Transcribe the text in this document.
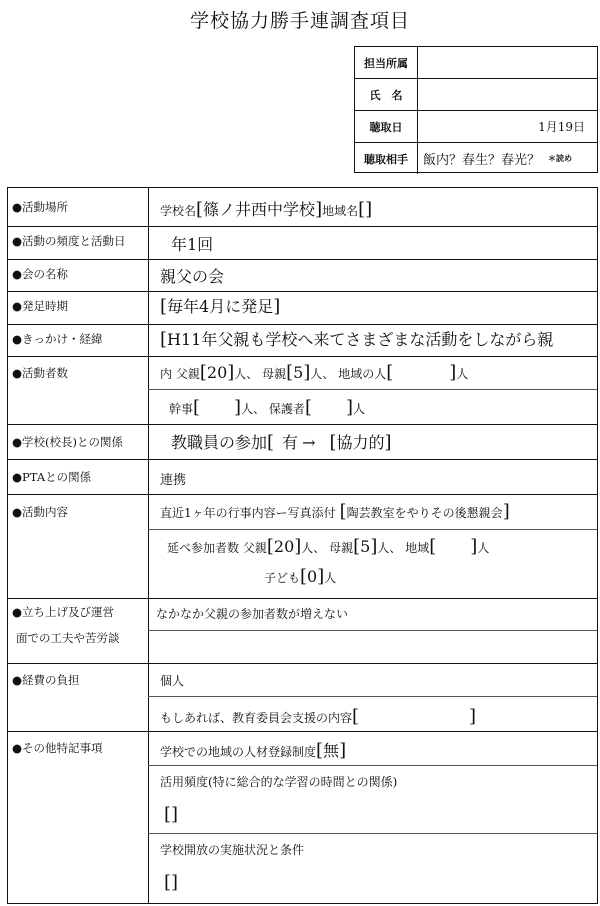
学校協力勝手連調査項目
担当所属
氏　名
聴取日	1月19日
聴取相手	飯内？春生？春光？ ＊読め
●活動場所	学校名[篠ノ井西中学校]地域名[]
●活動の頻度と活動日	年1回
●会の名称	親父の会
●発足時期	[毎年4月に発足]
●きっかけ・経緯	[H11年父親も学校へ来てさまざまな活動をしながら親
●活動者数	内 父親[20]人、 母親[5]人、 地域の人[	]人
幹事[ ]人、 保護者[ ]人
●学校(校長)との関係	教職員の参加[ 有 → [協力的]
●PTAとの関係	連携
●活動内容	直近1ヶ年の行事内容ー写真添付 [陶芸教室をやりその後懇親会]
延べ参加者数 父親[20]人、 母親[5]人、 地域[ ]人
子ども[0]人
●立ち上げ及び運営
面での工夫や苦労談
なかなか父親の参加者数が増えない
●経費の負担	個人
もしあれば、教育委員会支援の内容[	]
●その他特記事項	学校での地域の人材登録制度[無]
活用頻度(特に総合的な学習の時間との関係)
[]
学校開放の実施状況と条件
[]
